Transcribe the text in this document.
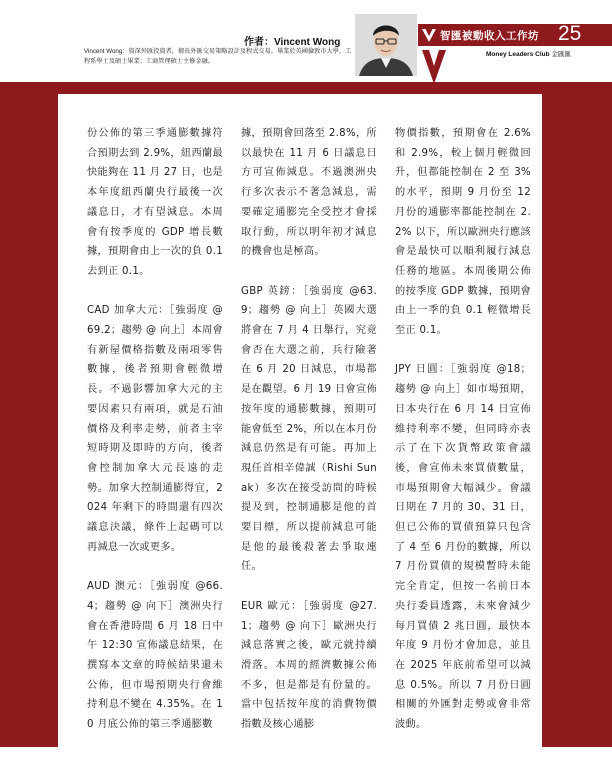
作者：Vincent Wong
Vincent Wong：資深外匯投資者，擅長外匯交易策略設計及程式交易。畢業於英國倫敦市大學，工程系學士及碩士畢業；工商管理碩士主修金融。
智匯被動收入工作坊 25
Money Leaders Club 金匯匯

份公佈的第三季通膨數據符合預期去到 2.9%，紐西蘭最快能夠在 11 月 27 日，也是本年度紐西蘭央行最後一次議息日，才有望減息。本周會有按季度的 GDP 增長數據，預期會由上一次的負 0.1 去到正 0.1。

CAD 加拿大元：［強弱度 @69.2；趨勢 @ 向上］本周會有新屋價格指數及兩項零售數據，後者預期會輕微增長。不過影響加拿大元的主要因素只有兩項，就是石油價格及利率走勢，前者主宰短時期及即時的方向，後者會控制加拿大元長遠的走勢。加拿大控制通膨得宜，2024 年剩下的時間還有四次議息決議，條件上起碼可以再減息一次或更多。

AUD 澳元：［強弱度 @66.4；趨勢 @ 向下］澳洲央行會在香港時間 6 月 18 日中午 12:30 宣佈議息結果，在撰寫本文章的時候結果還未公佈，但市場預期央行會維持利息不變在 4.35%。在 10 月底公佈的第三季通膨數

據，預期會回落至 2.8%，所以最快在 11 月 6 日議息日方可宣佈減息。不過澳洲央行多次表示不著急減息，需要確定通膨完全受控才會採取行動，所以明年初才減息的機會也是極高。

GBP 英鎊：［強弱度 @63.9；趨勢 @ 向上］英國大選將會在 7 月 4 日舉行，究竟會否在大選之前，兵行險著在 6 月 20 日減息，市場都是在觀望。6 月 19 日會宣佈按年度的通膨數據，預期可能會低至 2%，所以在本月份減息仍然是有可能。再加上現任首相辛偉誠（Rishi Sunak）多次在接受訪問的時候提及到，控制通膨是他的首要目標，所以提前減息可能是他的最後殺著去爭取連任。

EUR 歐元：［強弱度 @27.1；趨勢 @ 向下］歐洲央行減息落實之後，歐元就持續滑落。本周的經濟數據公佈不多，但是都是有份量的。當中包括按年度的消費物價指數及核心通膨

物價指數，預期會在 2.6% 和 2.9%，較上個月輕微回升，但都能控制在 2 至 3% 的水平，預期 9 月份至 12 月份的通膨率都能控制在 2.2% 以下，所以歐洲央行應該會是最快可以順利履行減息任務的地區。本周後期公佈的按季度 GDP 數據，預期會由上一季的負 0.1 輕微增長至正 0.1。

JPY 日圓：［強弱度 @18；趨勢 @ 向上］如市場預期，日本央行在 6 月 14 日宣佈維持利率不變，但同時亦表示了在下次貨幣政策會議後，會宣佈未來買債數量，市場預期會大幅減少。會議日期在 7 月的 30、31 日，但已公佈的買債預算只包含了 4 至 6 月份的數據，所以 7 月份買債的規模暫時未能完全肯定，但按一名前日本央行委員透露，未來會減少每月買債 2 兆日圓，最快本年度 9 月份才會加息，並且在 2025 年底前希望可以減息 0.5%。所以 7 月份日圓相關的外匯對走勢或會非常波動。
